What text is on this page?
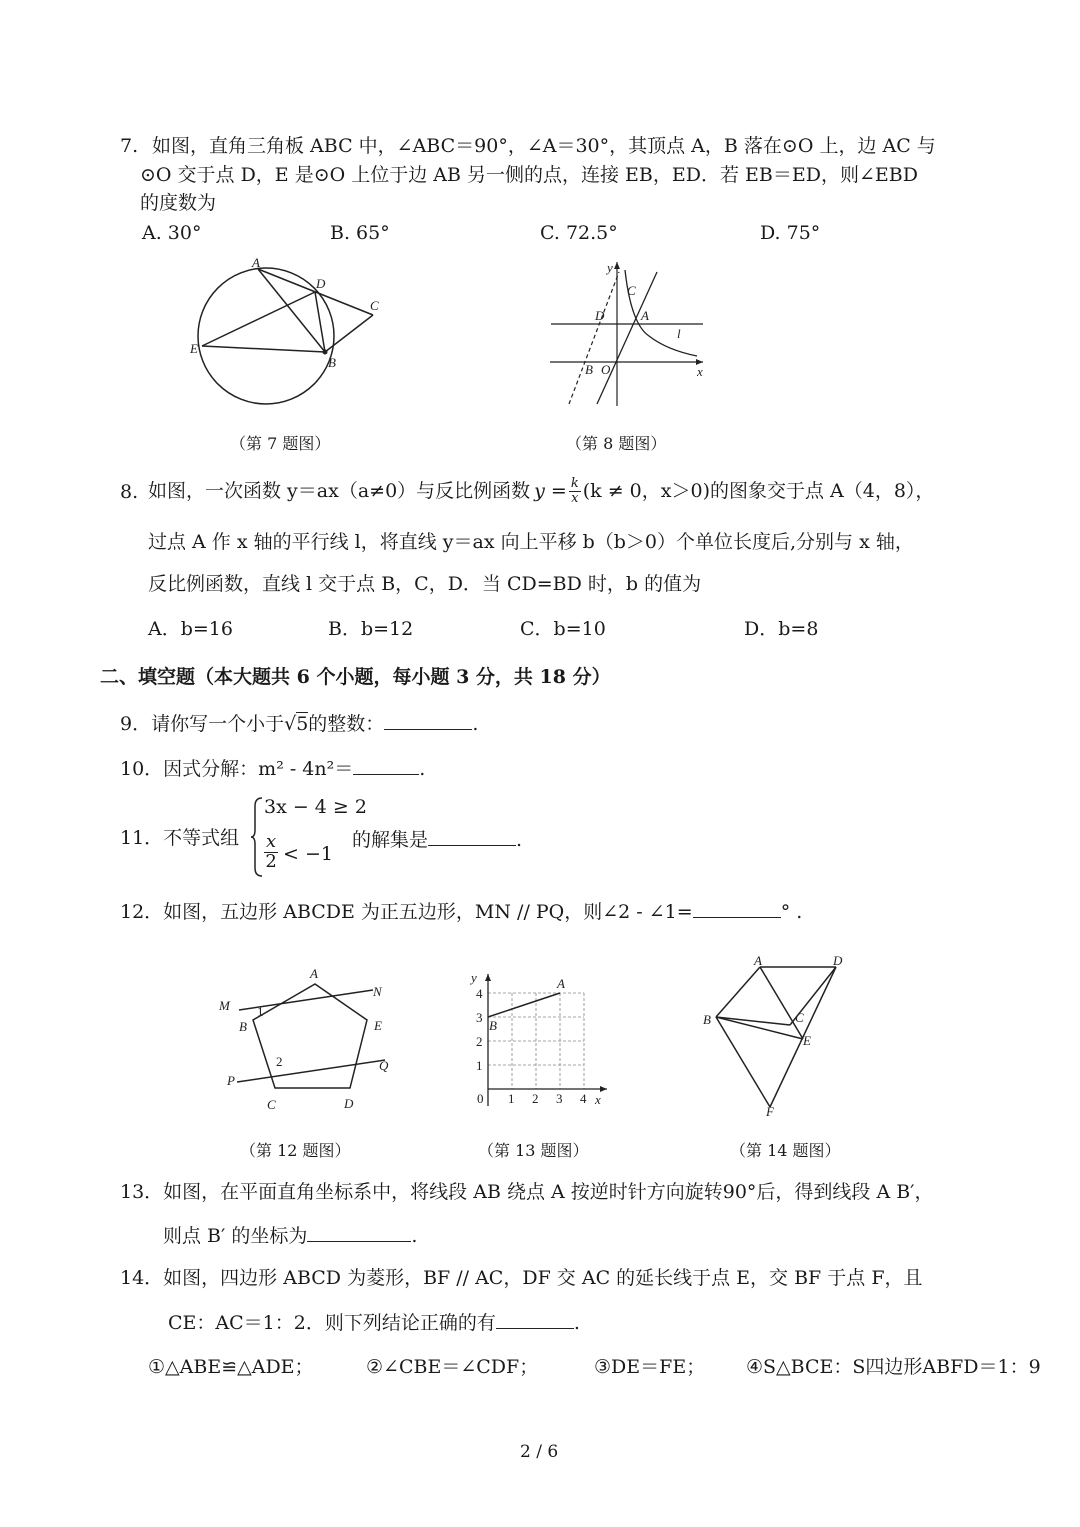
7. 如图，直角三角板 ABC 中，∠ABC＝90°，∠A＝30°，其顶点 A，B 落在⊙O 上，边 AC 与
⊙O 交于点 D，E 是⊙O 上位于边 AB 另一侧的点，连接 EB，ED．若 EB＝ED，则∠EBD
的度数为
A. 30°	B. 65°	C. 72.5°	D. 75°
A
D
C
E
B
（第 7 题图）
y
C
D	A
l
B O	x
（第 8 题图）
8. 如图，一次函数 y＝ax（a≠0）与反比例函数 $y = \frac{k}{x} (k \ne 0$，x＞0)的图象交于点 A（4，8），
过点 A 作 x 轴的平行线 l，将直线 y＝ax 向上平移 b（b＞0）个单位长度后,分别与 x 轴，
反比例函数，直线 l 交于点 B，C，D．当 CD=BD 时，b 的值为
A．b=16	B．b=12	C．b=10	D．b=8
二、填空题（本大题共 6 个小题，每小题 3 分，共 18 分）
9．请你写一个小于√5的整数：	.
10．因式分解：m² - 4n²＝	.
11．不等式组
3x − 4 ≥ 2
$\frac{x}{2} < -1$
的解集是	.
12．如图，五边形 ABCDE 为正五边形，MN // PQ，则∠2 - ∠1=	° .
A
N
M 1
B	E
2	Q
P
C	D
（第 12 题图）
y
4
3
2
1
0 1 2 3 4 x
A
B
（第 13 题图）
A	D
B	C
E
F
（第 14 题图）
13．如图，在平面直角坐标系中，将线段 AB 绕点 A 按逆时针方向旋转90°后，得到线段 A B′，
则点 B′ 的坐标为	.
14．如图，四边形 ABCD 为菱形，BF // AC，DF 交 AC 的延长线于点 E，交 BF 于点 F，且
CE：AC＝1：2．则下列结论正确的有	.
①△ABE≌△ADE；	②∠CBE＝∠CDF；	③DE＝FE； ④S△BCE：S四边形ABFD＝1：9
2 / 6
